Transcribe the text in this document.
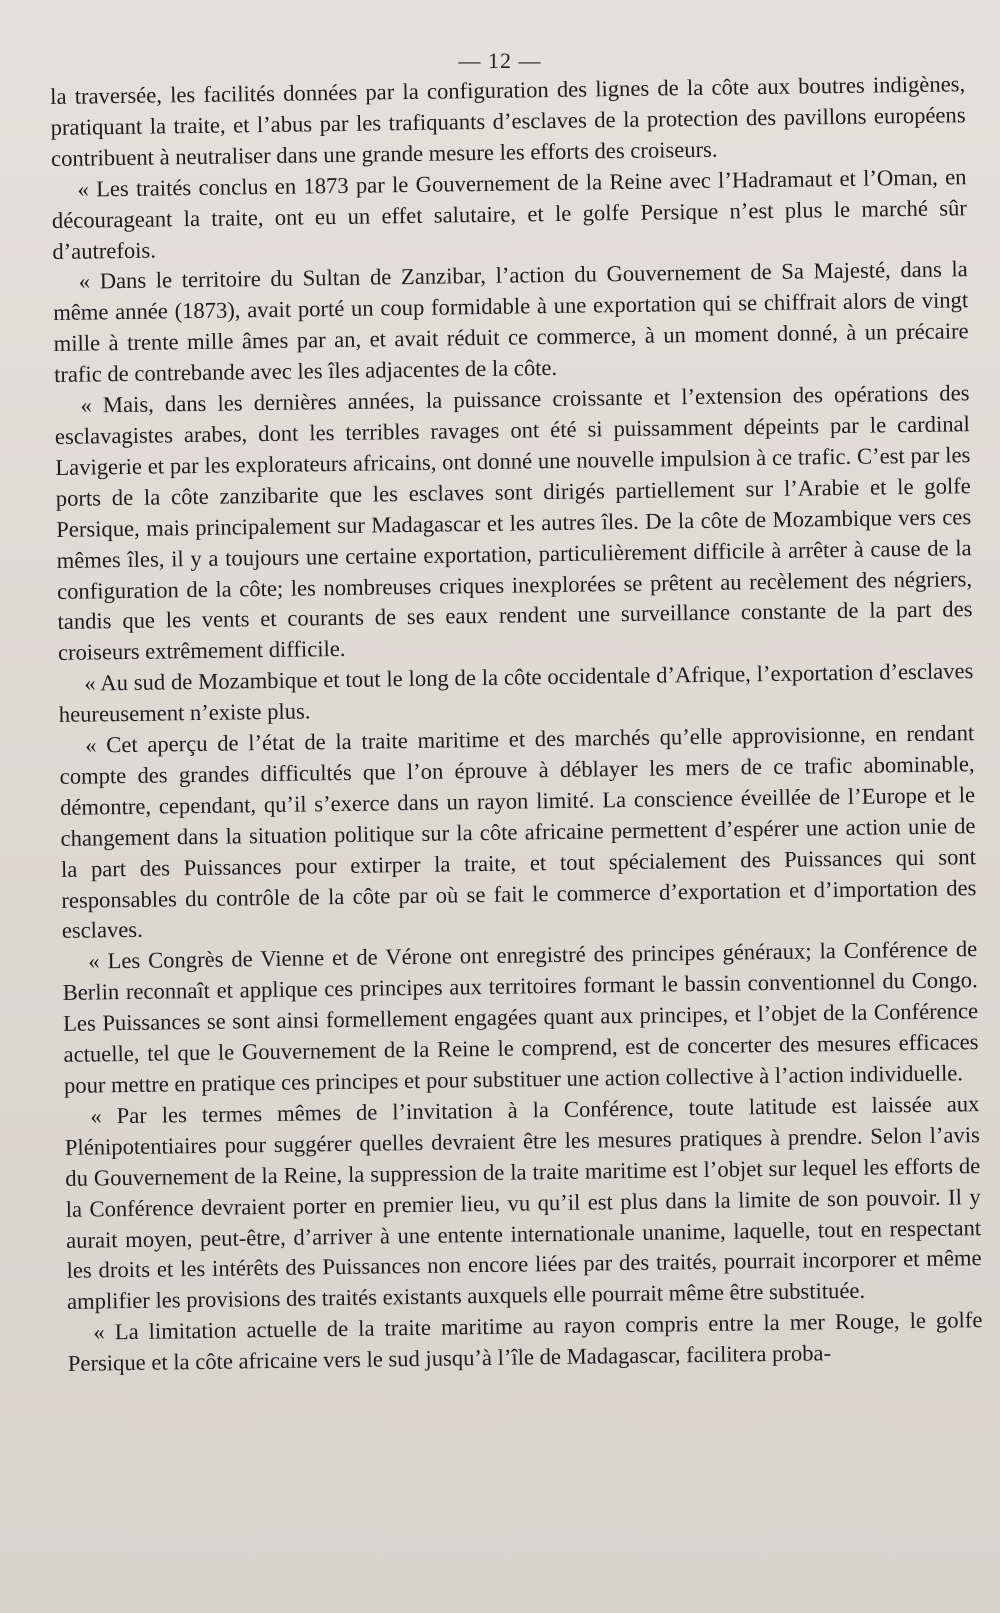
— 12 —

la traversée, les facilités données par la configuration des lignes de la côte aux boutres indigènes, pratiquant la traite, et l’abus par les trafiquants d’esclaves de la protection des pavillons européens contribuent à neutraliser dans une grande mesure les efforts des croiseurs.

« Les traités conclus en 1873 par le Gouvernement de la Reine avec l’Hadramaut et l’Oman, en décourageant la traite, ont eu un effet salutaire, et le golfe Persique n’est plus le marché sûr d’autrefois.

« Dans le territoire du Sultan de Zanzibar, l’action du Gouvernement de Sa Majesté, dans la même année (1873), avait porté un coup formidable à une exportation qui se chiffrait alors de vingt mille à trente mille âmes par an, et avait réduit ce commerce, à un moment donné, à un précaire trafic de contrebande avec les îles adjacentes de la côte.

« Mais, dans les dernières années, la puissance croissante et l’extension des opérations des esclavagistes arabes, dont les terribles ravages ont été si puissamment dépeints par le cardinal Lavigerie et par les explorateurs africains, ont donné une nouvelle impulsion à ce trafic. C’est par les ports de la côte zanzibarite que les esclaves sont dirigés partiellement sur l’Arabie et le golfe Persique, mais principalement sur Madagascar et les autres îles. De la côte de Mozambique vers ces mêmes îles, il y a toujours une certaine exportation, particulièrement difficile à arrêter à cause de la configuration de la côte; les nombreuses criques inexplorées se prêtent au recèlement des négriers, tandis que les vents et courants de ses eaux rendent une surveillance constante de la part des croiseurs extrêmement difficile.

« Au sud de Mozambique et tout le long de la côte occidentale d’Afrique, l’exportation d’esclaves heureusement n’existe plus.

« Cet aperçu de l’état de la traite maritime et des marchés qu’elle approvisionne, en rendant compte des grandes difficultés que l’on éprouve à déblayer les mers de ce trafic abominable, démontre, cependant, qu’il s’exerce dans un rayon limité. La conscience éveillée de l’Europe et le changement dans la situation politique sur la côte africaine permettent d’espérer une action unie de la part des Puissances pour extirper la traite, et tout spécialement des Puissances qui sont responsables du contrôle de la côte par où se fait le commerce d’exportation et d’importation des esclaves.

« Les Congrès de Vienne et de Vérone ont enregistré des principes généraux; la Conférence de Berlin reconnaît et applique ces principes aux territoires formant le bassin conventionnel du Congo. Les Puissances se sont ainsi formellement engagées quant aux principes, et l’objet de la Conférence actuelle, tel que le Gouvernement de la Reine le comprend, est de concerter des mesures efficaces pour mettre en pratique ces principes et pour substituer une action collective à l’action individuelle.

« Par les termes mêmes de l’invitation à la Conférence, toute latitude est laissée aux Plénipotentiaires pour suggérer quelles devraient être les mesures pratiques à prendre. Selon l’avis du Gouvernement de la Reine, la suppression de la traite maritime est l’objet sur lequel les efforts de la Conférence devraient porter en premier lieu, vu qu’il est plus dans la limite de son pouvoir. Il y aurait moyen, peut-être, d’arriver à une entente internationale unanime, laquelle, tout en respectant les droits et les intérêts des Puissances non encore liées par des traités, pourrait incorporer et même amplifier les provisions des traités existants auxquels elle pourrait même être substituée.

« La limitation actuelle de la traite maritime au rayon compris entre la mer Rouge, le golfe Persique et la côte africaine vers le sud jusqu’à l’île de Madagascar, facilitera proba-
